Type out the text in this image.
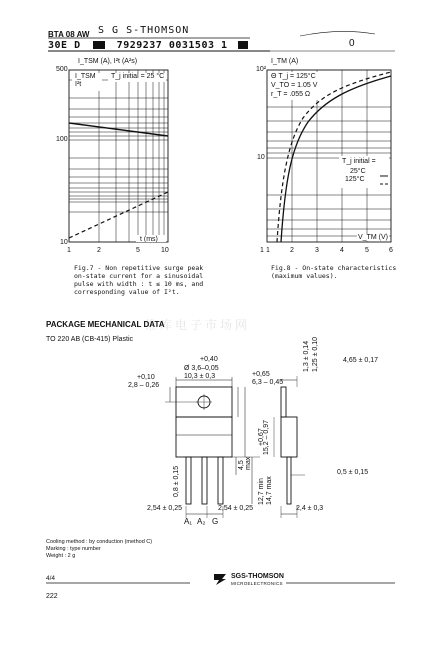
BTA 08 AW S G S-THOMSON
30E D	7929237 0031503 1	0
I_TSM (A), I²t (A²s)
I_TSM
I²t
T_j initial = 25 °C
500
100
10
1	2	5	10
t (ms)
Fig.7 - Non repetitive surge peak
on-state current for a sinusoidal
pulse with width : t ≤ 10 ms, and
corresponding value of I²t.
I_TM (A)
Θ T_j = 125°C
V_TO = 1.05 V
r_T = .055 Ω
10²
10
1 1	2	3	4	5	6
V_TM (V)
T_j initial =
25°C
125°C
Fig.8 - On-state characteristics
(maximum values).
维库电子市场网
PACKAGE MECHANICAL DATA
TO 220 AB (CB-415) Plastic
+0,40
Ø 3,6–0,05
10,3 ± 0,3
+0,10
2,8 – 0,26
+0,65
6,3 – 0,45
4,65 ± 0,17
1,3 ± 0,14 1,25 ± 0,10
+0,67
15,2 – 0,97
4,5 max
12,7 min 14,7 max
0,5 ± 0,15
0,8 ± 0,15
2,54 ± 0,25	2,54 ± 0,25	2,4 ± 0,3
A₁ A₂ G
Cooling method : by conduction (method C)
Marking : type number
Weight : 2 g
4/4	SGS-THOMSON
MICROELECTRONICS
222
